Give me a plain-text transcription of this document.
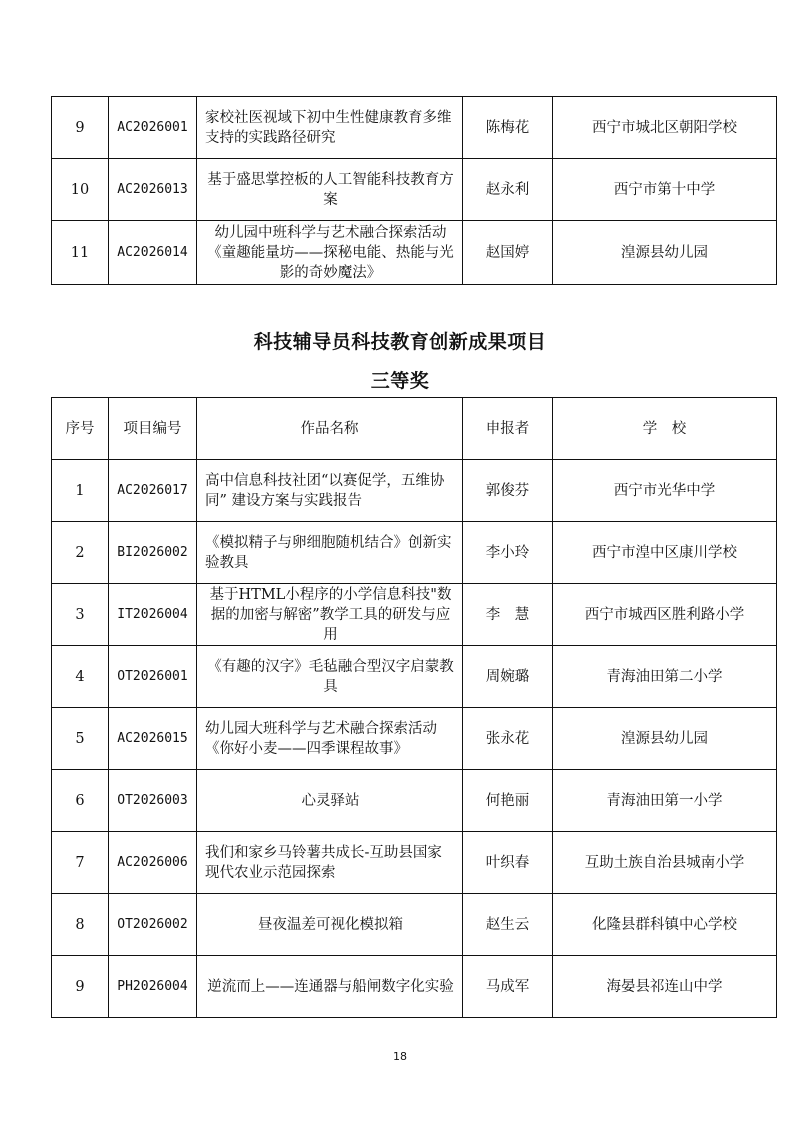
9	AC2026001	家校社医视域下初中生性健康教育多维支持的实践路径研究	陈梅花	西宁市城北区朝阳学校
10	AC2026013	基于盛思掌控板的人工智能科技教育方案	赵永利	西宁市第十中学
11	AC2026014	幼儿园中班科学与艺术融合探索活动《童趣能量坊——探秘电能、热能与光影的奇妙魔法》	赵国婷	湟源县幼儿园
科技辅导员科技教育创新成果项目
三等奖
序号	项目编号	作品名称	申报者	学　校
1	AC2026017	高中信息科技社团“以赛促学，五维协同” 建设方案与实践报告	郭俊芬	西宁市光华中学
2	BI2026002	《模拟精子与卵细胞随机结合》创新实验教具	李小玲	西宁市湟中区康川学校
3	IT2026004	基于HTML小程序的小学信息科技"数据的加密与解密”教学工具的研发与应用	李　慧	西宁市城西区胜利路小学
4	OT2026001	《有趣的汉字》毛毡融合型汉字启蒙教具	周婉璐	青海油田第二小学
5	AC2026015	幼儿园大班科学与艺术融合探索活动《你好小麦——四季课程故事》	张永花	湟源县幼儿园
6	OT2026003	心灵驿站	何艳丽	青海油田第一小学
7	AC2026006	我们和家乡马铃薯共成长-互助县国家现代农业示范园探索	叶织春	互助土族自治县城南小学
8	OT2026002	昼夜温差可视化模拟箱	赵生云	化隆县群科镇中心学校
9	PH2026004	逆流而上——连通器与船闸数字化实验	马成军	海晏县祁连山中学
18
